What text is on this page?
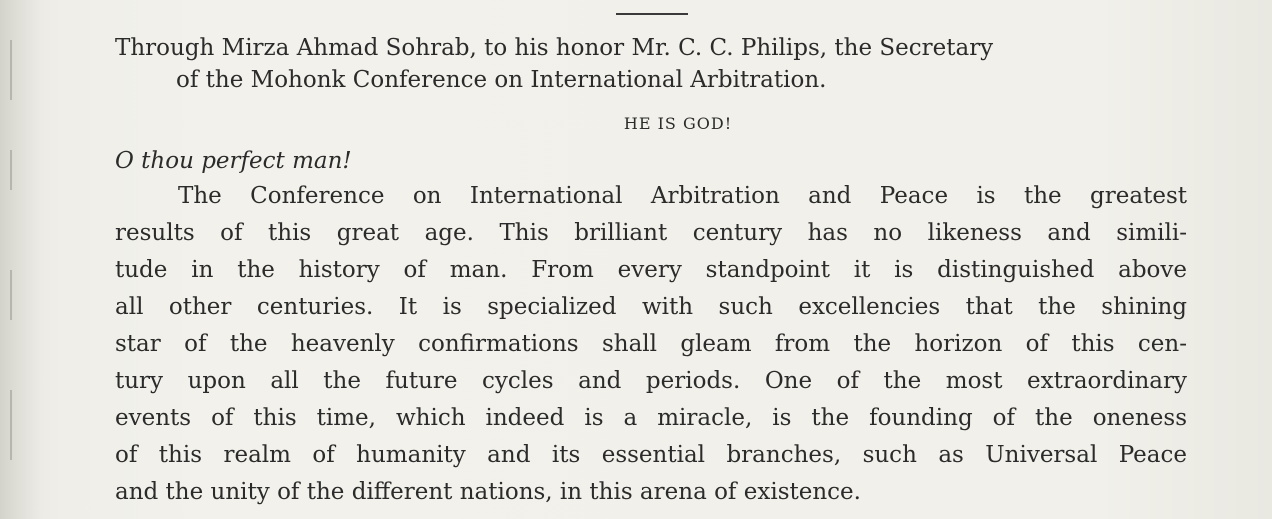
Through Mirza Ahmad Sohrab, to his honor Mr. C. C. Philips, the Secretary

of the Mohonk Conference on International Arbitration.

HE IS GOD!

O thou perfect man!

The Conference on International Arbitration and Peace is the greatest

results of this great age. This brilliant century has no likeness and simili-

tude in the history of man. From every standpoint it is distinguished above

all other centuries. It is specialized with such excellencies that the shining

star of the heavenly confirmations shall gleam from the horizon of this cen-

tury upon all the future cycles and periods. One of the most extraordinary

events of this time, which indeed is a miracle, is the founding of the oneness

of this realm of humanity and its essential branches, such as Universal Peace

and the unity of the different nations, in this arena of existence.
